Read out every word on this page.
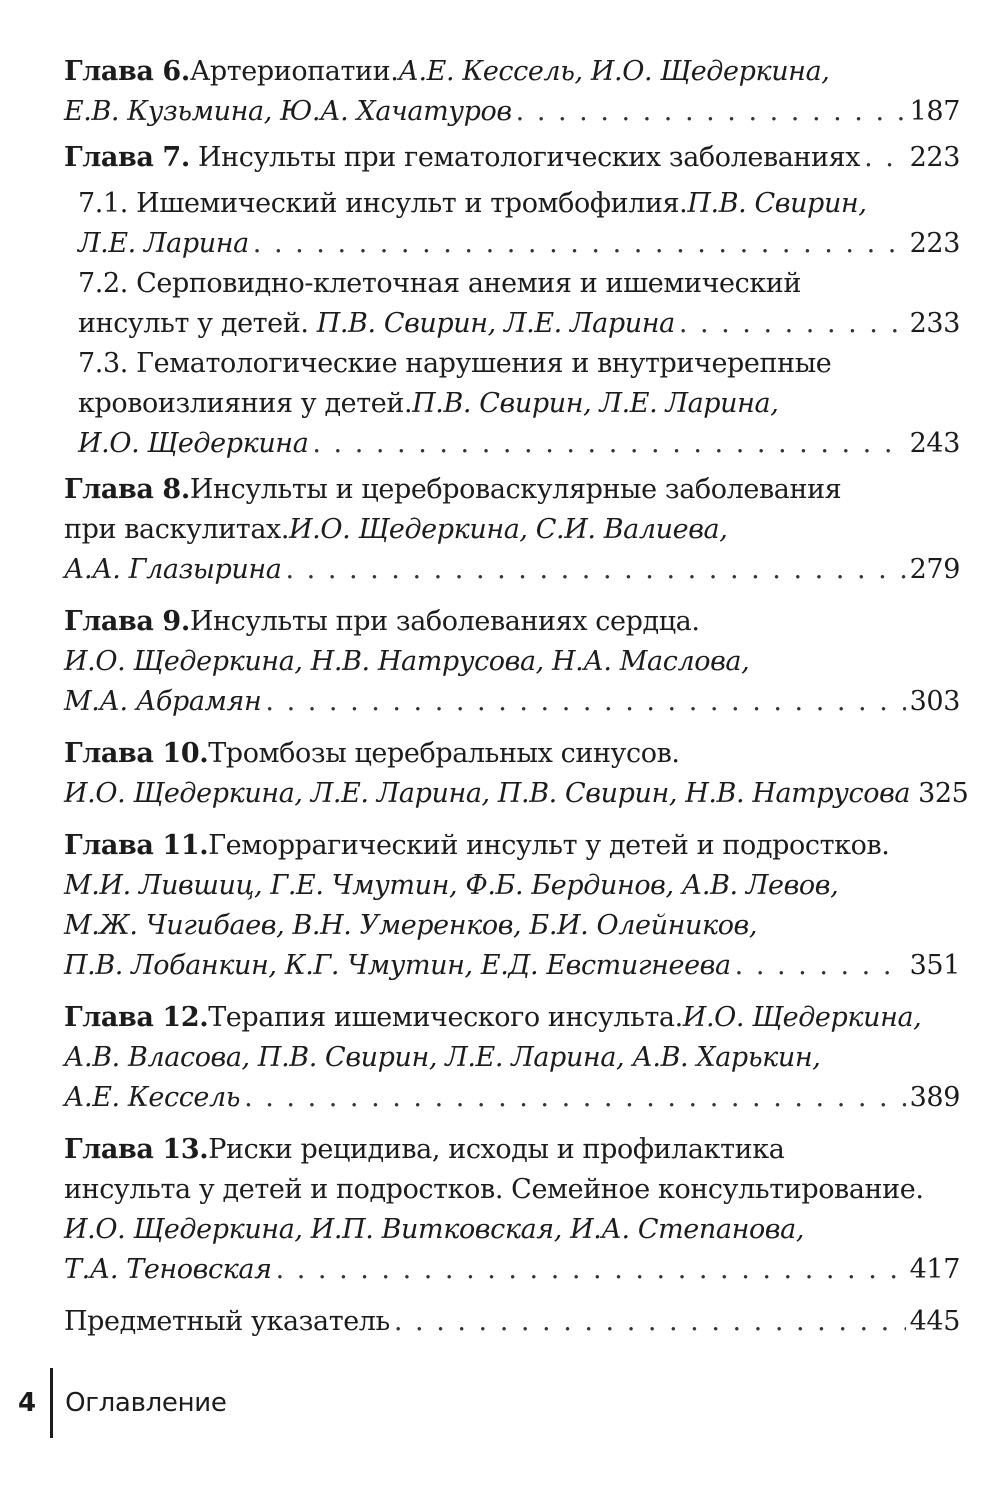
Глава 6. Артериопатии. А.Е. Кессель, И.О. Щедеркина,
Е.В. Кузьмина, Ю.А. Хачатуров . . .	187
Глава 7. Инсульты при гематологических заболеваниях . . . 223
7.1. Ишемический инсульт и тромбофилия. П.В. Свирин,
Л.Е. Ларина . . .	223
7.2. Серповидно-клеточная анемия и ишемический
инсульт у детей. П.В. Свирин, Л.Е. Ларина . . .	233
7.3. Гематологические нарушения и внутричерепные
кровоизлияния у детей. П.В. Свирин, Л.Е. Ларина,
И.О. Щедеркина . . .	243
Глава 8. Инсульты и цереброваскулярные заболевания
при васкулитах. И.О. Щедеркина, С.И. Валиева,
А.А. Глазырина . . .	279
Глава 9. Инсульты при заболеваниях сердца.
И.О. Щедеркина, Н.В. Натрусова, Н.А. Маслова,
М.А. Абрамян . . .	303
Глава 10. Тромбозы церебральных синусов.
И.О. Щедеркина, Л.Е. Ларина, П.В. Свирин, Н.В. Натрусова 325
Глава 11. Геморрагический инсульт у детей и подростков.
М.И. Лившиц, Г.Е. Чмутин, Ф.Б. Бердинов, А.В. Левов,
М.Ж. Чигибаев, В.Н. Умеренков, Б.И. Олейников,
П.В. Лобанкин, К.Г. Чмутин, Е.Д. Евстигнеева . . .	351
Глава 12. Терапия ишемического инсульта. И.О. Щедеркина,
А.В. Власова, П.В. Свирин, Л.Е. Ларина, А.В. Харькин,
А.Е. Кессель . . .	389
Глава 13. Риски рецидива, исходы и профилактика
инсульта у детей и подростков. Семейное консультирование.
И.О. Щедеркина, И.П. Витковская, И.А. Степанова,
Т.А. Теновская . . .	417
Предметный указатель . . .	445
4	Оглавление
